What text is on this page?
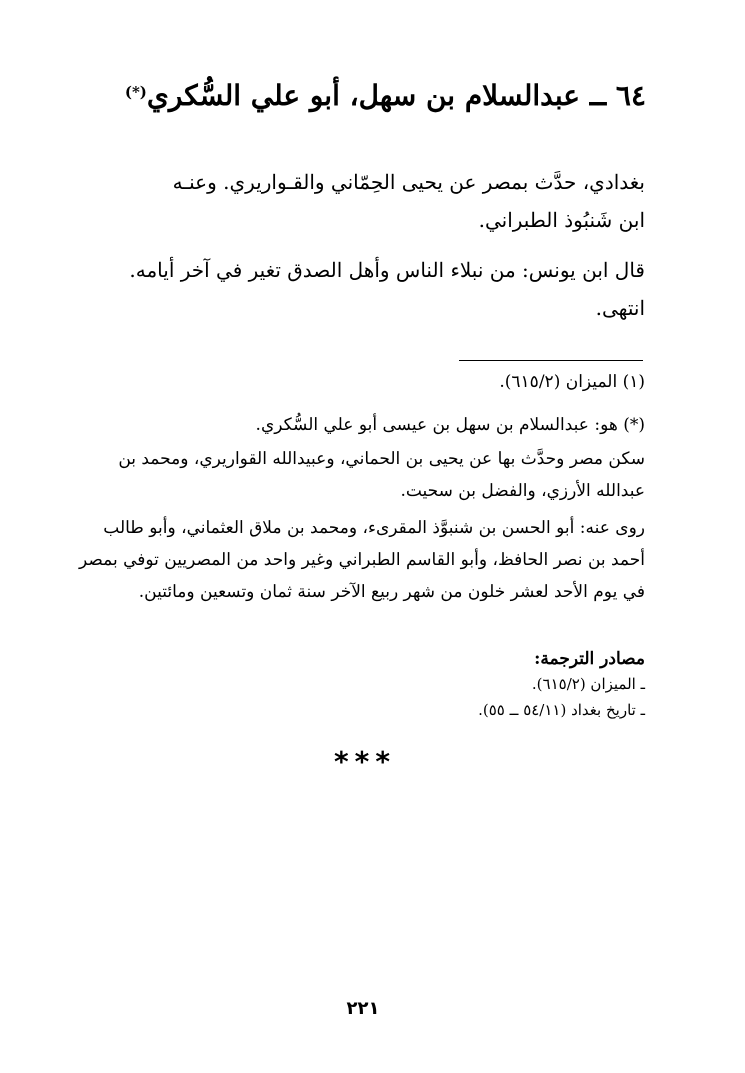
٦٤ ــ عبدالسلام بن سهل، أبو علي السُّكري(*)
بغدادي، حدَّث بمصر عن يحيى الحِمّاني والقـواريري. وعنـه
ابن شَنبُوذ الطبراني.
قال ابن يونس: من نبلاء الناس وأهل الصدق تغير في آخر أيامه.
انتهى.
(١) الميزان (٦١٥/٢).
(*) هو: عبدالسلام بن سهل بن عيسى أبو علي السُّكري.
سكن مصر وحدَّث بها عن يحيى بن الحماني، وعبيدالله القواريري، ومحمد بن
عبدالله الأرزي، والفضل بن سحيت.
روى عنه: أبو الحسن بن شنبوَّذ المقرىء، ومحمد بن ملاق العثماني، وأبو طالب
أحمد بن نصر الحافظ، وأبو القاسم الطبراني وغير واحد من المصريين توفي بمصر
في يوم الأحد لعشر خلون من شهر ربيع الآخر سنة ثمان وتسعين ومائتين.
مصادر الترجمة:
ـ الميزان (٦١٥/٢).
ـ تاريخ بغداد (٥٤/١١ ــ ٥٥).
***
٢٢١
